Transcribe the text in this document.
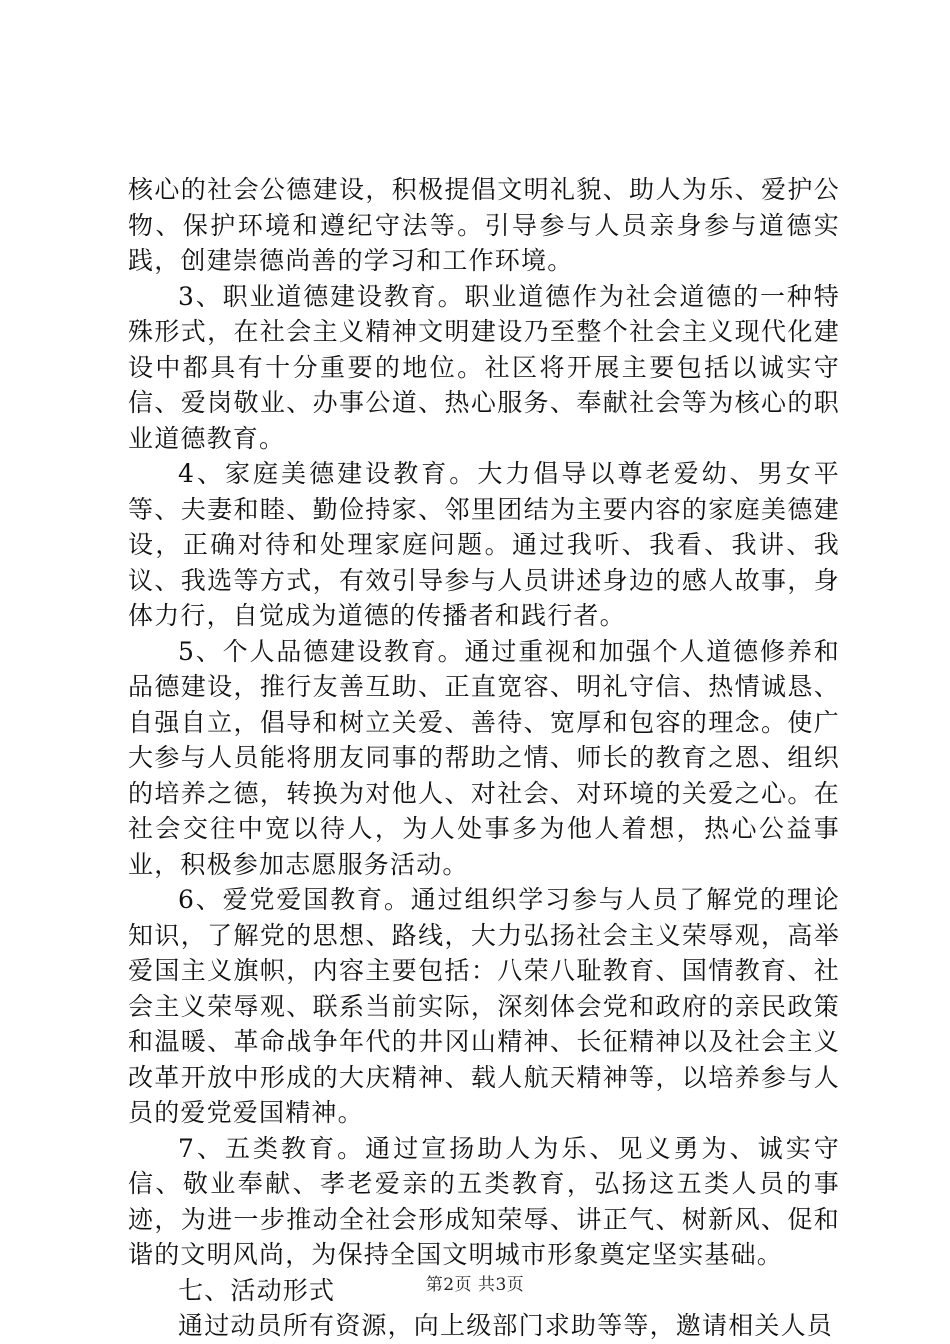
核心的社会公德建设，积极提倡文明礼貌、助人为乐、爱护公物、保护环境和遵纪守法等。引导参与人员亲身参与道德实践，创建崇德尚善的学习和工作环境。

3、职业道德建设教育。职业道德作为社会道德的一种特殊形式，在社会主义精神文明建设乃至整个社会主义现代化建设中都具有十分重要的地位。社区将开展主要包括以诚实守信、爱岗敬业、办事公道、热心服务、奉献社会等为核心的职业道德教育。

4、家庭美德建设教育。大力倡导以尊老爱幼、男女平等、夫妻和睦、勤俭持家、邻里团结为主要内容的家庭美德建设，正确对待和处理家庭问题。通过我听、我看、我讲、我议、我选等方式，有效引导参与人员讲述身边的感人故事，身体力行，自觉成为道德的传播者和践行者。

5、个人品德建设教育。通过重视和加强个人道德修养和品德建设，推行友善互助、正直宽容、明礼守信、热情诚恳、自强自立，倡导和树立关爱、善待、宽厚和包容的理念。使广大参与人员能将朋友同事的帮助之情、师长的教育之恩、组织的培养之德，转换为对他人、对社会、对环境的关爱之心。在社会交往中宽以待人，为人处事多为他人着想，热心公益事业，积极参加志愿服务活动。

6、爱党爱国教育。通过组织学习参与人员了解党的理论知识，了解党的思想、路线，大力弘扬社会主义荣辱观，高举爱国主义旗帜，内容主要包括：八荣八耻教育、国情教育、社会主义荣辱观、联系当前实际，深刻体会党和政府的亲民政策和温暖、革命战争年代的井冈山精神、长征精神以及社会主义改革开放中形成的大庆精神、载人航天精神等，以培养参与人员的爱党爱国精神。

7、五类教育。通过宣扬助人为乐、见义勇为、诚实守信、敬业奉献、孝老爱亲的五类教育，弘扬这五类人员的事迹，为进一步推动全社会形成知荣辱、讲正气、树新风、促和谐的文明风尚，为保持全国文明城市形象奠定坚实基础。

七、活动形式

通过动员所有资源，向上级部门求助等等，邀请相关人员

第2页 共3页
